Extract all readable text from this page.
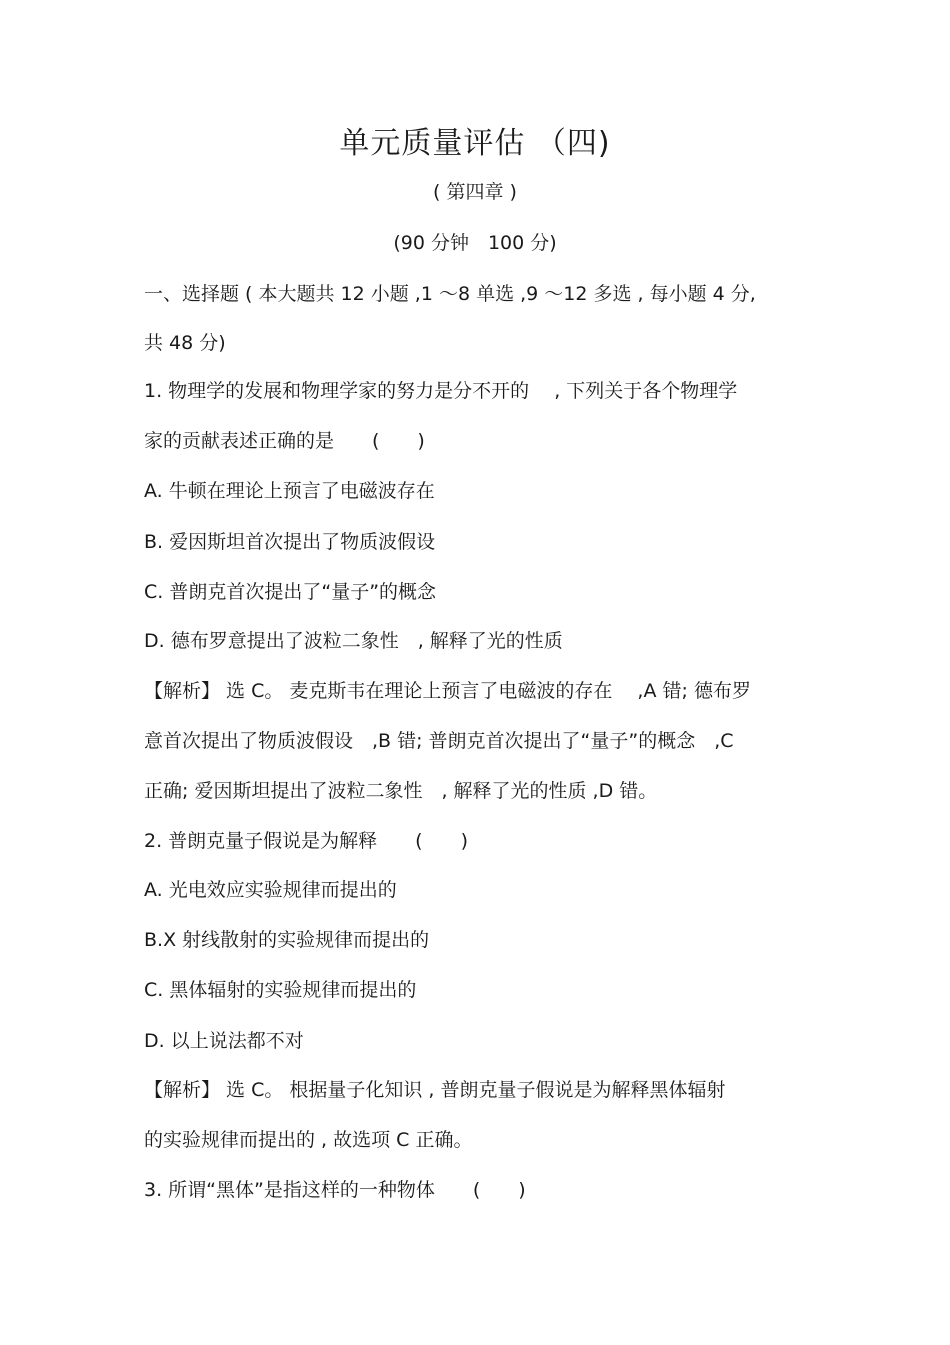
单元质量评估 （四)
( 第四章 )
(90 分钟　100 分)
一、选择题 ( 本大题共 12 小题 ,1 ～8 单选 ,9 ～12 多选 , 每小题 4 分,
共 48 分)
1. 物理学的发展和物理学家的努力是分不开的　 , 下列关于各个物理学
家的贡献表述正确的是　　(　　)
A. 牛顿在理论上预言了电磁波存在
B. 爱因斯坦首次提出了物质波假设
C. 普朗克首次提出了“量子”的概念
D. 德布罗意提出了波粒二象性　, 解释了光的性质
【解析】 选 C。 麦克斯韦在理论上预言了电磁波的存在　 ,A 错; 德布罗
意首次提出了物质波假设　,B 错; 普朗克首次提出了“量子”的概念　,C
正确; 爱因斯坦提出了波粒二象性　, 解释了光的性质 ,D 错。
2. 普朗克量子假说是为解释　　(　　)
A. 光电效应实验规律而提出的
B.X 射线散射的实验规律而提出的
C. 黑体辐射的实验规律而提出的
D. 以上说法都不对
【解析】 选 C。 根据量子化知识 , 普朗克量子假说是为解释黑体辐射
的实验规律而提出的 , 故选项 C 正确。
3. 所谓“黑体”是指这样的一种物体　　(　　)
